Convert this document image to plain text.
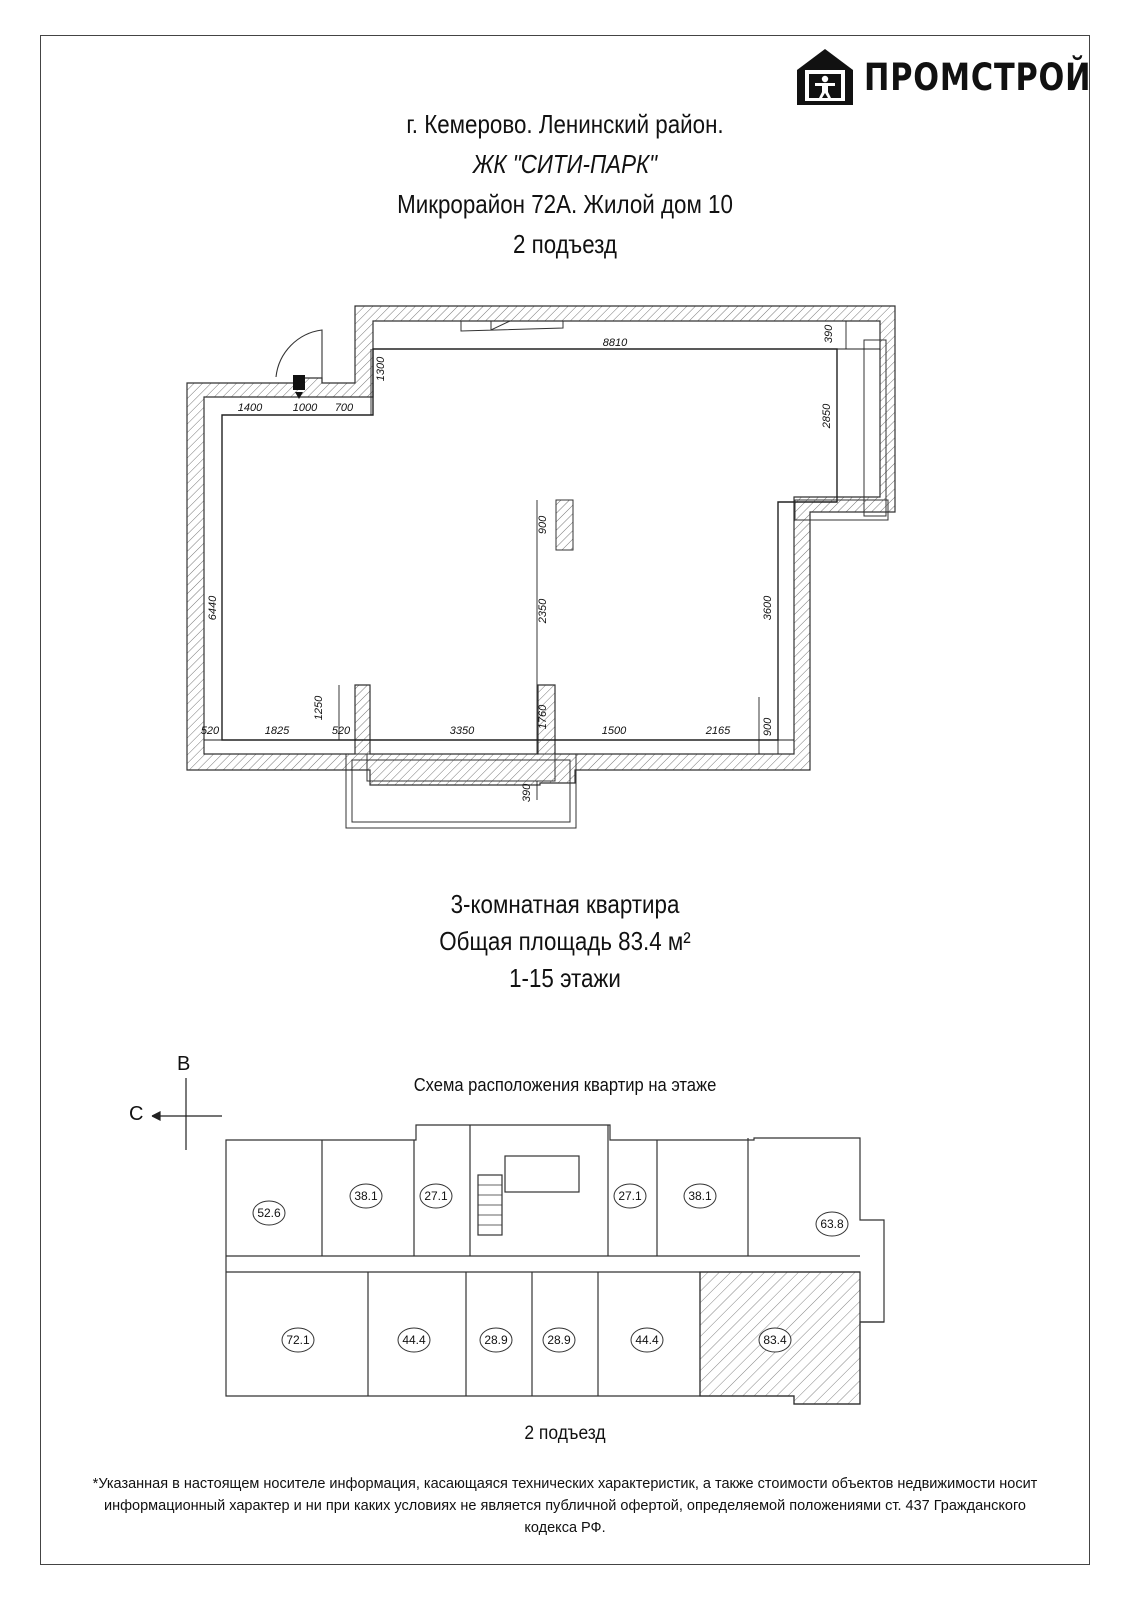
ПРОМСТРОЙ
г. Кемерово. Ленинский район.
ЖК "СИТИ-ПАРК"
Микрорайон 72А. Жилой дом 10
2 подъезд
8810	390
1300
1400	1000 700	2850
6440
900
2350	3600
1250	1760	900
520	1825	520	3350	1500	2165
390
52.6
38.1	27.1	27.1	38.1
63.8
72.1	44.4	28.9	28.9	44.4	83.4
3-комнатная квартира
Общая площадь 83.4 м²
1-15 этажи
В
С
Схема расположения квартир на этаже
2 подъезд
*Указанная в настоящем носителе информация, касающаяся технических характеристик, а также стоимости объектов недвижимости носит
информационный характер и ни при каких условиях не является публичной офертой, определяемой положениями ст. 437 Гражданского кодекса РФ.
